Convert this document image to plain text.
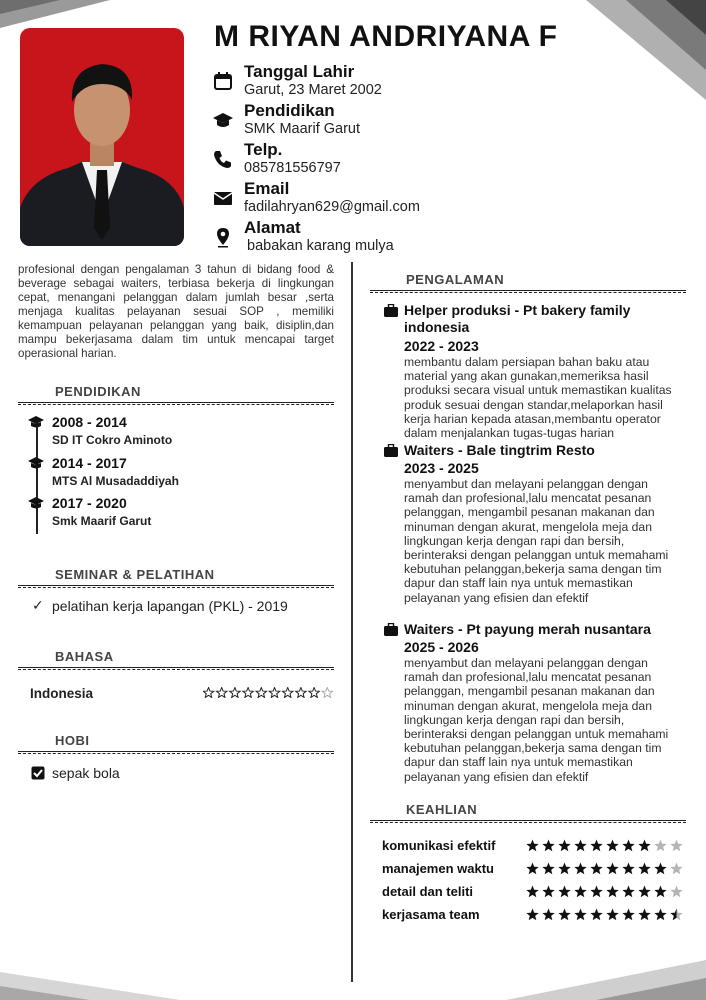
M RIYAN ANDRIYANA F
Tanggal Lahir
Garut, 23 Maret 2002
Pendidikan
SMK Maarif Garut
Telp.
085781556797
Email
fadilahryan629@gmail.com
Alamat
babakan karang mulya

profesional dengan pengalaman 3 tahun di bidang food & beverage sebagai waiters, terbiasa bekerja di lingkungan cepat, menangani pelanggan dalam jumlah besar ,serta menjaga kualitas pelayanan sesuai SOP , memiliki kemampuan pelayanan pelanggan yang baik, disiplin,dan mampu bekerjasama dalam tim untuk mencapai target operasional harian.

PENDIDIKAN
2008 - 2014
SD IT Cokro Aminoto
2014 - 2017
MTS Al Musadaddiyah
2017 - 2020
Smk Maarif Garut
SEMINAR & PELATIHAN
✓ pelatihan kerja lapangan (PKL) - 2019
BAHASA
Indonesia
HOBI
sepak bola
PENGALAMAN
Helper produksi - Pt bakery family indonesia
2022 - 2023
membantu dalam persiapan bahan baku atau material yang akan gunakan,memeriksa hasil produksi secara visual untuk memastikan kualitas produk sesuai dengan standar,melaporkan hasil kerja harian kepada atasan,membantu operator dalam menjalankan tugas-tugas harian
Waiters - Bale tingtrim Resto
2023 - 2025
menyambut dan melayani pelanggan dengan ramah dan profesional,lalu mencatat pesanan pelanggan, mengambil pesanan makanan dan minuman dengan akurat, mengelola meja dan lingkungan kerja dengan rapi dan bersih, berinteraksi dengan pelanggan untuk memahami kebutuhan pelanggan,bekerja sama dengan tim dapur dan staff lain nya untuk memastikan pelayanan yang efisien dan efektif
Waiters - Pt payung merah nusantara
2025 - 2026
menyambut dan melayani pelanggan dengan ramah dan profesional,lalu mencatat pesanan pelanggan, mengambil pesanan makanan dan minuman dengan akurat, mengelola meja dan lingkungan kerja dengan rapi dan bersih, berinteraksi dengan pelanggan untuk memahami kebutuhan pelanggan,bekerja sama dengan tim dapur dan staff lain nya untuk memastikan pelayanan yang efisien dan efektif
KEAHLIAN
komunikasi efektif
manajemen waktu
detail dan teliti
kerjasama team
